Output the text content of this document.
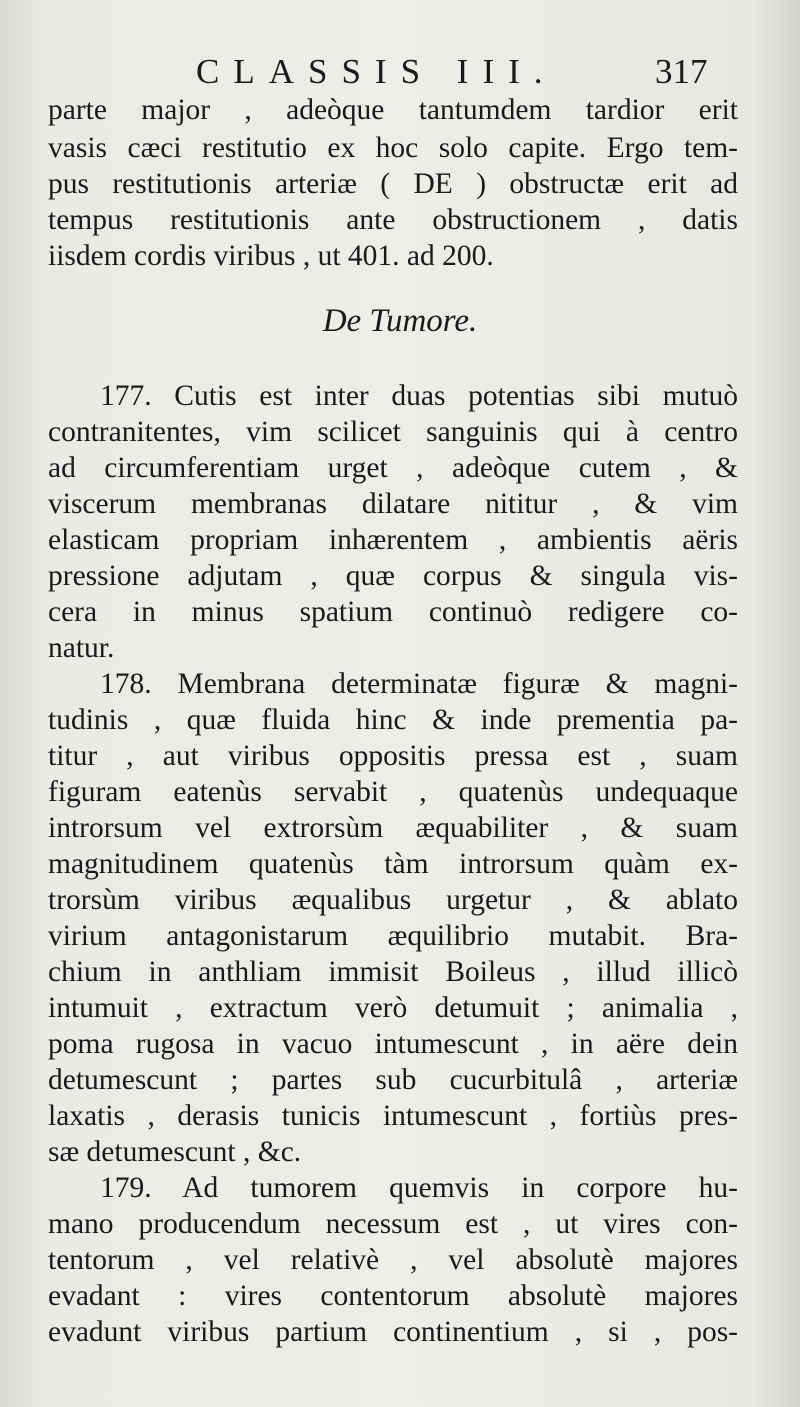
CLASSIS III.	317
parte major , adeòque tantumdem tardior erit
vasis cæci restitutio ex hoc solo capite. Ergo tem-
pus restitutionis arteriæ ( DE ) obstructæ erit ad
tempus restitutionis ante obstructionem , datis
iisdem cordis viribus , ut 401. ad 200.
De Tumore.
177. Cutis est inter duas potentias sibi mutuò
contranitentes, vim scilicet sanguinis qui à centro
ad circumferentiam urget , adeòque cutem , &
viscerum membranas dilatare nititur , & vim
elasticam propriam inhærentem , ambientis aëris
pressione adjutam , quæ corpus & singula vis-
cera in minus spatium continuò redigere co-
natur.
178. Membrana determinatæ figuræ & magni-
tudinis , quæ fluida hinc & inde prementia pa-
titur , aut viribus oppositis pressa est , suam
figuram eatenùs servabit , quatenùs undequaque
introrsum vel extrorsùm æquabiliter , & suam
magnitudinem quatenùs tàm introrsum quàm ex-
trorsùm viribus æqualibus urgetur , & ablato
virium antagonistarum æquilibrio mutabit. Bra-
chium in anthliam immisit Boileus , illud illicò
intumuit , extractum verò detumuit ; animalia ,
poma rugosa in vacuo intumescunt , in aëre dein
detumescunt ; partes sub cucurbitulâ , arteriæ
laxatis , derasis tunicis intumescunt , fortiùs pres-
sæ detumescunt , &c.
179. Ad tumorem quemvis in corpore hu-
mano producendum necessum est , ut vires con-
tentorum , vel relativè , vel absolutè majores
evadant : vires contentorum absolutè majores
evadunt viribus partium continentium , si , pos-
